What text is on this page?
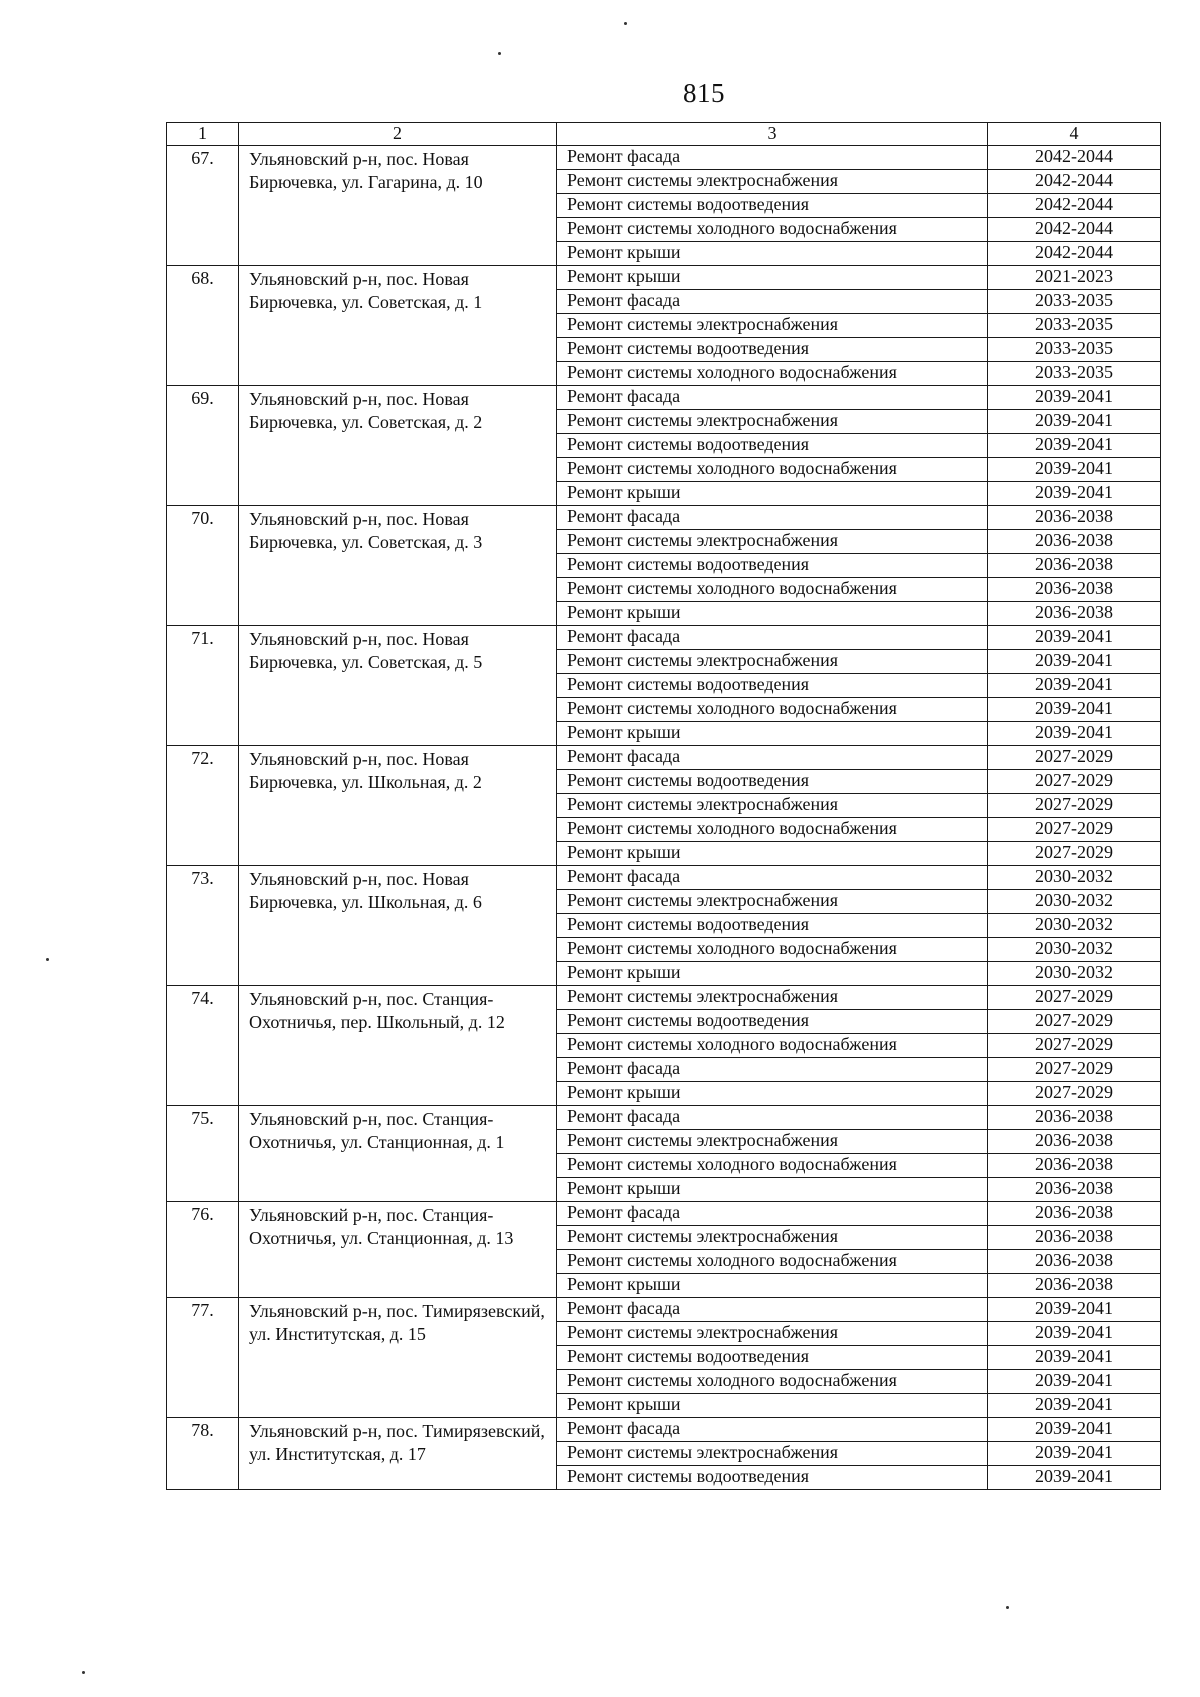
815
1	2	3	4
67.	Ульяновский р-н, пос. Новая Бирючевка, ул. Гагарина, д. 10	Ремонт фасада	2042-2044
		Ремонт системы электроснабжения	2042-2044
		Ремонт системы водоотведения	2042-2044
		Ремонт системы холодного водоснабжения	2042-2044
		Ремонт крыши	2042-2044
68.	Ульяновский р-н, пос. Новая Бирючевка, ул. Советская, д. 1	Ремонт крыши	2021-2023
		Ремонт фасада	2033-2035
		Ремонт системы электроснабжения	2033-2035
		Ремонт системы водоотведения	2033-2035
		Ремонт системы холодного водоснабжения	2033-2035
69.	Ульяновский р-н, пос. Новая Бирючевка, ул. Советская, д. 2	Ремонт фасада	2039-2041
		Ремонт системы электроснабжения	2039-2041
		Ремонт системы водоотведения	2039-2041
		Ремонт системы холодного водоснабжения	2039-2041
		Ремонт крыши	2039-2041
70.	Ульяновский р-н, пос. Новая Бирючевка, ул. Советская, д. 3	Ремонт фасада	2036-2038
		Ремонт системы электроснабжения	2036-2038
		Ремонт системы водоотведения	2036-2038
		Ремонт системы холодного водоснабжения	2036-2038
		Ремонт крыши	2036-2038
71.	Ульяновский р-н, пос. Новая Бирючевка, ул. Советская, д. 5	Ремонт фасада	2039-2041
		Ремонт системы электроснабжения	2039-2041
		Ремонт системы водоотведения	2039-2041
		Ремонт системы холодного водоснабжения	2039-2041
		Ремонт крыши	2039-2041
72.	Ульяновский р-н, пос. Новая Бирючевка, ул. Школьная, д. 2	Ремонт фасада	2027-2029
		Ремонт системы водоотведения	2027-2029
		Ремонт системы электроснабжения	2027-2029
		Ремонт системы холодного водоснабжения	2027-2029
		Ремонт крыши	2027-2029
73.	Ульяновский р-н, пос. Новая Бирючевка, ул. Школьная, д. 6	Ремонт фасада	2030-2032
		Ремонт системы электроснабжения	2030-2032
		Ремонт системы водоотведения	2030-2032
		Ремонт системы холодного водоснабжения	2030-2032
		Ремонт крыши	2030-2032
74.	Ульяновский р-н, пос. Станция-Охотничья, пер. Школьный, д. 12	Ремонт системы электроснабжения	2027-2029
		Ремонт системы водоотведения	2027-2029
		Ремонт системы холодного водоснабжения	2027-2029
		Ремонт фасада	2027-2029
		Ремонт крыши	2027-2029
75.	Ульяновский р-н, пос. Станция-Охотничья, ул. Станционная, д. 1	Ремонт фасада	2036-2038
		Ремонт системы электроснабжения	2036-2038
		Ремонт системы холодного водоснабжения	2036-2038
		Ремонт крыши	2036-2038
76.	Ульяновский р-н, пос. Станция-Охотничья, ул. Станционная, д. 13	Ремонт фасада	2036-2038
		Ремонт системы электроснабжения	2036-2038
		Ремонт системы холодного водоснабжения	2036-2038
		Ремонт крыши	2036-2038
77.	Ульяновский р-н, пос. Тимирязевский, ул. Институтская, д. 15	Ремонт фасада	2039-2041
		Ремонт системы электроснабжения	2039-2041
		Ремонт системы водоотведения	2039-2041
		Ремонт системы холодного водоснабжения	2039-2041
		Ремонт крыши	2039-2041
78.	Ульяновский р-н, пос. Тимирязевский, ул. Институтская, д. 17	Ремонт фасада	2039-2041
		Ремонт системы электроснабжения	2039-2041
		Ремонт системы водоотведения	2039-2041
